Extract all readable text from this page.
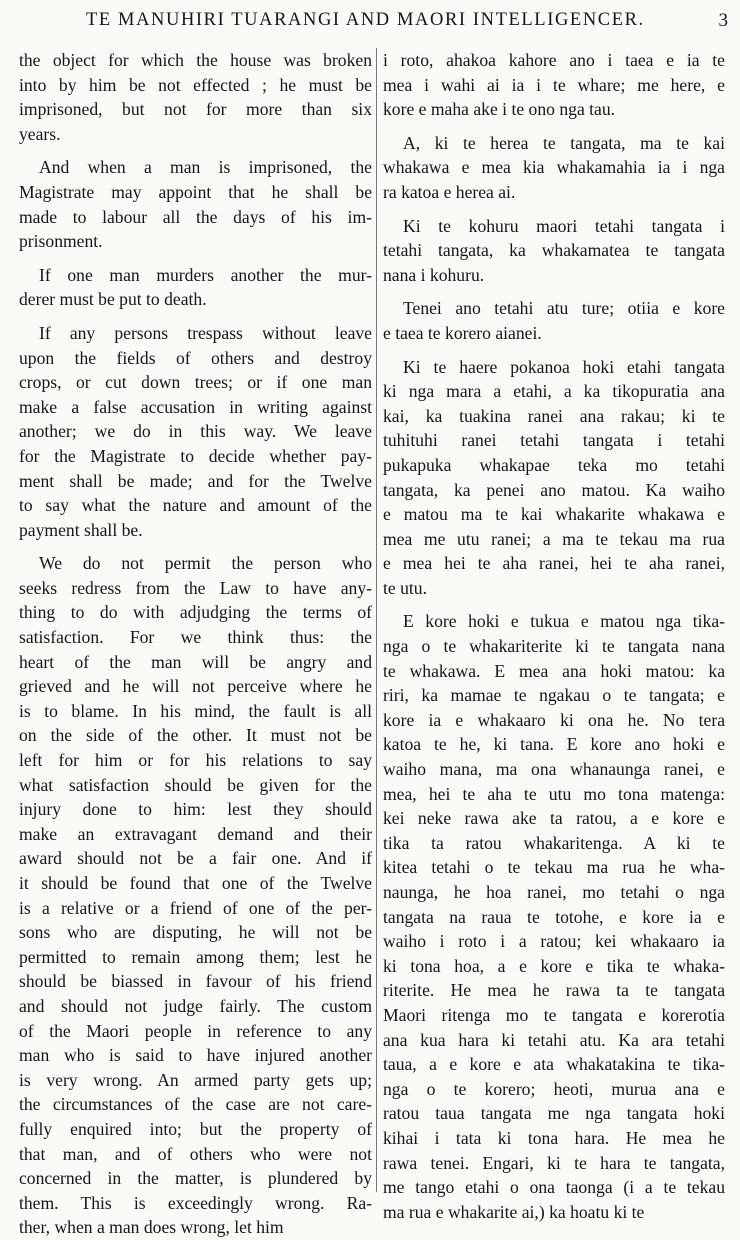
TE MANUHIRI TUARANGI AND MAORI INTELLIGENCER.	3
the object for which the house was broken
into by him be not effected ; he must be
imprisoned, but not for more than six
years.
And when a man is imprisoned, the
Magistrate may appoint that he shall be
made to labour all the days of his im-
prisonment.
If one man murders another the mur-
derer must be put to death.
If any persons trespass without leave
upon the fields of others and destroy
crops, or cut down trees; or if one man
make a false accusation in writing against
another; we do in this way. We leave
for the Magistrate to decide whether pay-
ment shall be made; and for the Twelve
to say what the nature and amount of the
payment shall be.
We do not permit the person who
seeks redress from the Law to have any-
thing to do with adjudging the terms of
satisfaction. For we think thus: the
heart of the man will be angry and
grieved and he will not perceive where he
is to blame. In his mind, the fault is all
on the side of the other. It must not be
left for him or for his relations to say
what satisfaction should be given for the
injury done to him: lest they should
make an extravagant demand and their
award should not be a fair one. And if
it should be found that one of the Twelve
is a relative or a friend of one of the per-
sons who are disputing, he will not be
permitted to remain among them; lest he
should be biassed in favour of his friend
and should not judge fairly. The custom
of the Maori people in reference to any
man who is said to have injured another
is very wrong. An armed party gets up;
the circumstances of the case are not care-
fully enquired into; but the property of
that man, and of others who were not
concerned in the matter, is plundered by
them. This is exceedingly wrong. Ra-
ther, when a man does wrong, let him
i roto, ahakoa kahore ano i taea e ia te
mea i wahi ai ia i te whare; me here, e
kore e maha ake i te ono nga tau.
A, ki te herea te tangata, ma te kai
whakawa e mea kia whakamahia ia i nga
ra katoa e herea ai.
Ki te kohuru maori tetahi tangata i
tetahi tangata, ka whakamatea te tangata
nana i kohuru.
Tenei ano tetahi atu ture; otiia e kore
e taea te korero aianei.
Ki te haere pokanoa hoki etahi tangata
ki nga mara a etahi, a ka tikopuratia ana
kai, ka tuakina ranei ana rakau; ki te
tuhituhi ranei tetahi tangata i tetahi
pukapuka whakapae teka mo tetahi
tangata, ka penei ano matou. Ka waiho
e matou ma te kai whakarite whakawa e
mea me utu ranei; a ma te tekau ma rua
e mea hei te aha ranei, hei te aha ranei,
te utu.
E kore hoki e tukua e matou nga tika-
nga o te whakariterite ki te tangata nana
te whakawa. E mea ana hoki matou: ka
riri, ka mamae te ngakau o te tangata; e
kore ia e whakaaro ki ona he. No tera
katoa te he, ki tana. E kore ano hoki e
waiho mana, ma ona whanaunga ranei, e
mea, hei te aha te utu mo tona matenga:
kei neke rawa ake ta ratou, a e kore e
tika ta ratou whakaritenga. A ki te
kitea tetahi o te tekau ma rua he wha-
naunga, he hoa ranei, mo tetahi o nga
tangata na raua te totohe, e kore ia e
waiho i roto i a ratou; kei whakaaro ia
ki tona hoa, a e kore e tika te whaka-
riterite. He mea he rawa ta te tangata
Maori ritenga mo te tangata e korerotia
ana kua hara ki tetahi atu. Ka ara tetahi
taua, a e kore e ata whakatakina te tika-
nga o te korero; heoti, murua ana e
ratou taua tangata me nga tangata hoki
kihai i tata ki tona hara. He mea he
rawa tenei. Engari, ki te hara te tangata,
me tango etahi o ona taonga (i a te tekau
ma rua e whakarite ai,) ka hoatu ki te
